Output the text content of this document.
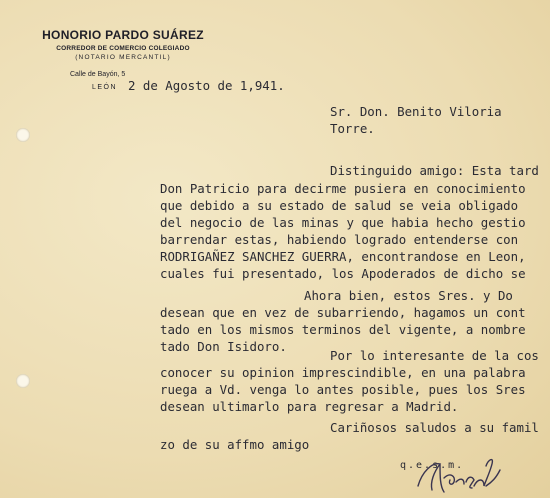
HONORIO PARDO SUÁREZ
CORREDOR DE COMERCIO COLEGIADO
(NOTARIO MERCANTIL)
Calle de Bayón, 5
LEÓN 2 de Agosto de 1,941.
Sr. Don. Benito Viloria
Torre.
Distinguido amigo: Esta tard
Don Patricio para decirme pusiera en conocimiento
que debido a su estado de salud se veia obligado
del negocio de las minas y que habia hecho gestio
barrendar estas, habiendo logrado entenderse con
RODRIGAÑEZ SANCHEZ GUERRA, encontrandose en Leon,
cuales fui presentado, los Apoderados de dicho se
Ahora bien, estos Sres. y Do
desean que en vez de subarriendo, hagamos un cont
tado en los mismos terminos del vigente, a nombre
tado Don Isidoro.
Por lo interesante de la cos
conocer su opinion imprescindible, en una palabra
ruega a Vd. venga lo antes posible, pues los Sres
desean ultimarlo para regresar a Madrid.
Cariñosos saludos a su famil
zo de su affmo amigo
q.e.s.m.
